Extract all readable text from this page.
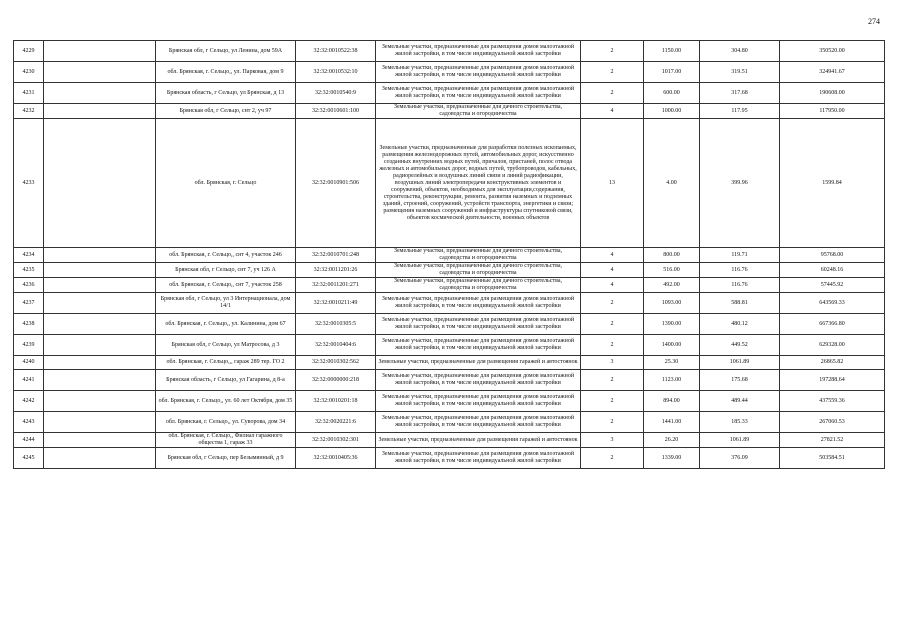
274
4229		Брянская обл, г Сельцо, ул Ленина, дом 59А	32:32:0010522:38	Земельные участки, предназначенные для размещения домов малоэтажной жилой застройки, в том числе индивидуальной жилой застройки	2	1150.00	304.80	350520.00
4230		обл. Брянская, г. Сельцо,, ул. Парковая, дом 9	32:32:0010532:10	Земельные участки, предназначенные для размещения домов малоэтажной жилой застройки, в том числе индивидуальной жилой застройки	2	1017.00	319.51	324941.67
4231		Брянская область, г Сельцо, ул Брянская, д 13	32:32:0010540:9	Земельные участки, предназначенные для размещения домов малоэтажной жилой застройки, в том числе индивидуальной жилой застройки	2	600.00	317.68	190608.00
4232		Брянская обл, г Сельцо, снт 2, уч 97	32:32:0010601:100	Земельные участки, предназначенные для дачного строительства, садоводства и огородничества	4	1000.00	117.95	117950.00
4233		обл. Брянская, г. Сельцо	32:32:0010901:506	Земельные участки, предназначенные для разработки полезных ископаемых, размещения железнодорожных путей, автомобильных дорог, искусственно созданных внутренних водных путей, причалов, пристаней, полос отвода железных и автомобильных дорог, водных путей, трубопроводов, кабельных, радиорелейных и воздушных линий связи и линий радиофикации, воздушных линий электропередачи конструктивных элементов и сооружений, объектов, необходимых для эксплуатации,содержания, строительства, реконструкции, ремонта, развития наземных и подземных зданий, строений, сооружений, устройств транспорта, энергетики и связи; размещения наземных сооружений и инфраструктуры спутниковой связи, объектов космической деятельности, военных объектов	13	4.00	399.96	1599.84
4234		обл. Брянская, г. Сельцо,, снт 4, участок 246	32:32:0010701:248	Земельные участки, предназначенные для дачного строительства, садоводства и огородничества	4	800.00	119.71	95768.00
4235		Брянская обл, г Сельцо, снт 7, уч 126 А	32:32:0011201:26	Земельные участки, предназначенные для дачного строительства, садоводства и огородничества	4	516.00	116.76	60248.16
4236		обл. Брянская, г. Сельцо,, снт 7, участок 258	32:32:0011201:271	Земельные участки, предназначенные для дачного строительства, садоводства и огородничества	4	492.00	116.76	57445.92
4237		Брянская обл, г Сельцо, ул 3 Интернационала, дом 14/1	32:32:0010211:49	Земельные участки, предназначенные для размещения домов малоэтажной жилой застройки, в том числе индивидуальной жилой застройки	2	1093.00	588.81	643569.33
4238		обл. Брянская, г. Сельцо,, ул. Калинина, дом 67	32:32:0010305:5	Земельные участки, предназначенные для размещения домов малоэтажной жилой застройки, в том числе индивидуальной жилой застройки	2	1390.00	480.12	667366.80
4239		Брянская обл, г Сельцо, ул Матросова, д 3	32:32:0010404:6	Земельные участки, предназначенные для размещения домов малоэтажной жилой застройки, в том числе индивидуальной жилой застройки	2	1400.00	449.52	629328.00
4240		обл. Брянская, г. Сельцо,,, гараж 289 тер. ГО 2	32:32:0010302:562	Земельные участки, предназначенные для размещения гаражей и автостоянок	3	25.30	1061.89	26865.82
4241		Брянская область, г Сельцо, ул Гагарина, д 8-а	32:32:0000000:218	Земельные участки, предназначенные для размещения домов малоэтажной жилой застройки, в том числе индивидуальной жилой застройки	2	1123.00	175.68	197288.64
4242		обл. Брянская, г. Сельцо,, ул. 60 лет Октября, дом 35	32:32:0010201:18	Земельные участки, предназначенные для размещения домов малоэтажной жилой застройки, в том числе индивидуальной жилой застройки	2	894.00	489.44	437559.36
4243		обл. Брянская, г. Сельцо,, ул. Суворова, дом 34	32:32:0020221:6	Земельные участки, предназначенные для размещения домов малоэтажной жилой застройки, в том числе индивидуальной жилой застройки	2	1441.00	185.33	267060.53
4244		обл. Брянская, г. Сельцо,, Филиал гаражного общества 1, гараж 33	32:32:0010302:301	Земельные участки, предназначенные для размещения гаражей и автостоянок	3	26.20	1061.89	27821.52
4245		Брянская обл, г Сельцо, пер Безымянный, д 9	32:32:0010405:36	Земельные участки, предназначенные для размещения домов малоэтажной жилой застройки, в том числе индивидуальной жилой застройки	2	1339.00	376.09	503584.51
